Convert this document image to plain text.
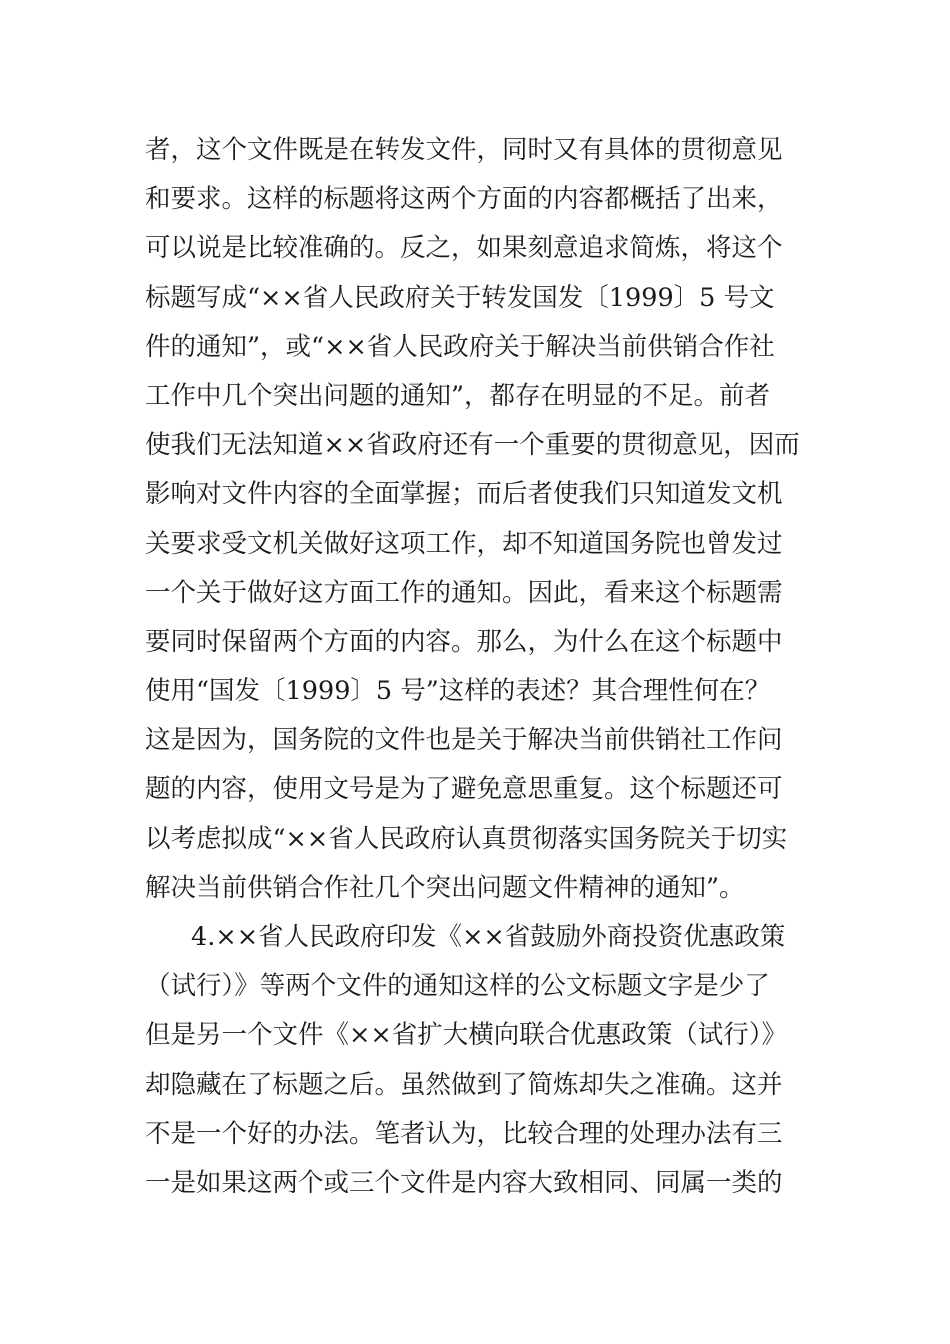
者，这个文件既是在转发文件，同时又有具体的贯彻意见
和要求。这样的标题将这两个方面的内容都概括了出来，
可以说是比较准确的。反之，如果刻意追求简炼，将这个
标题写成“××省人民政府关于转发国发〔1999〕5 号文
件的通知”，或“××省人民政府关于解决当前供销合作社
工作中几个突出问题的通知”，都存在明显的不足。前者
使我们无法知道××省政府还有一个重要的贯彻意见，因而
影响对文件内容的全面掌握；而后者使我们只知道发文机
关要求受文机关做好这项工作，却不知道国务院也曾发过
一个关于做好这方面工作的通知。因此，看来这个标题需
要同时保留两个方面的内容。那么，为什么在这个标题中
使用“国发〔1999〕5 号”这样的表述？其合理性何在？
这是因为，国务院的文件也是关于解决当前供销社工作问
题的内容，使用文号是为了避免意思重复。这个标题还可
以考虑拟成“××省人民政府认真贯彻落实国务院关于切实
解决当前供销合作社几个突出问题文件精神的通知”。
4.××省人民政府印发《××省鼓励外商投资优惠政策
（试行）》等两个文件的通知这样的公文标题文字是少了
但是另一个文件《××省扩大横向联合优惠政策（试行）》
却隐藏在了标题之后。虽然做到了简炼却失之准确。这并
不是一个好的办法。笔者认为，比较合理的处理办法有三
一是如果这两个或三个文件是内容大致相同、同属一类的
